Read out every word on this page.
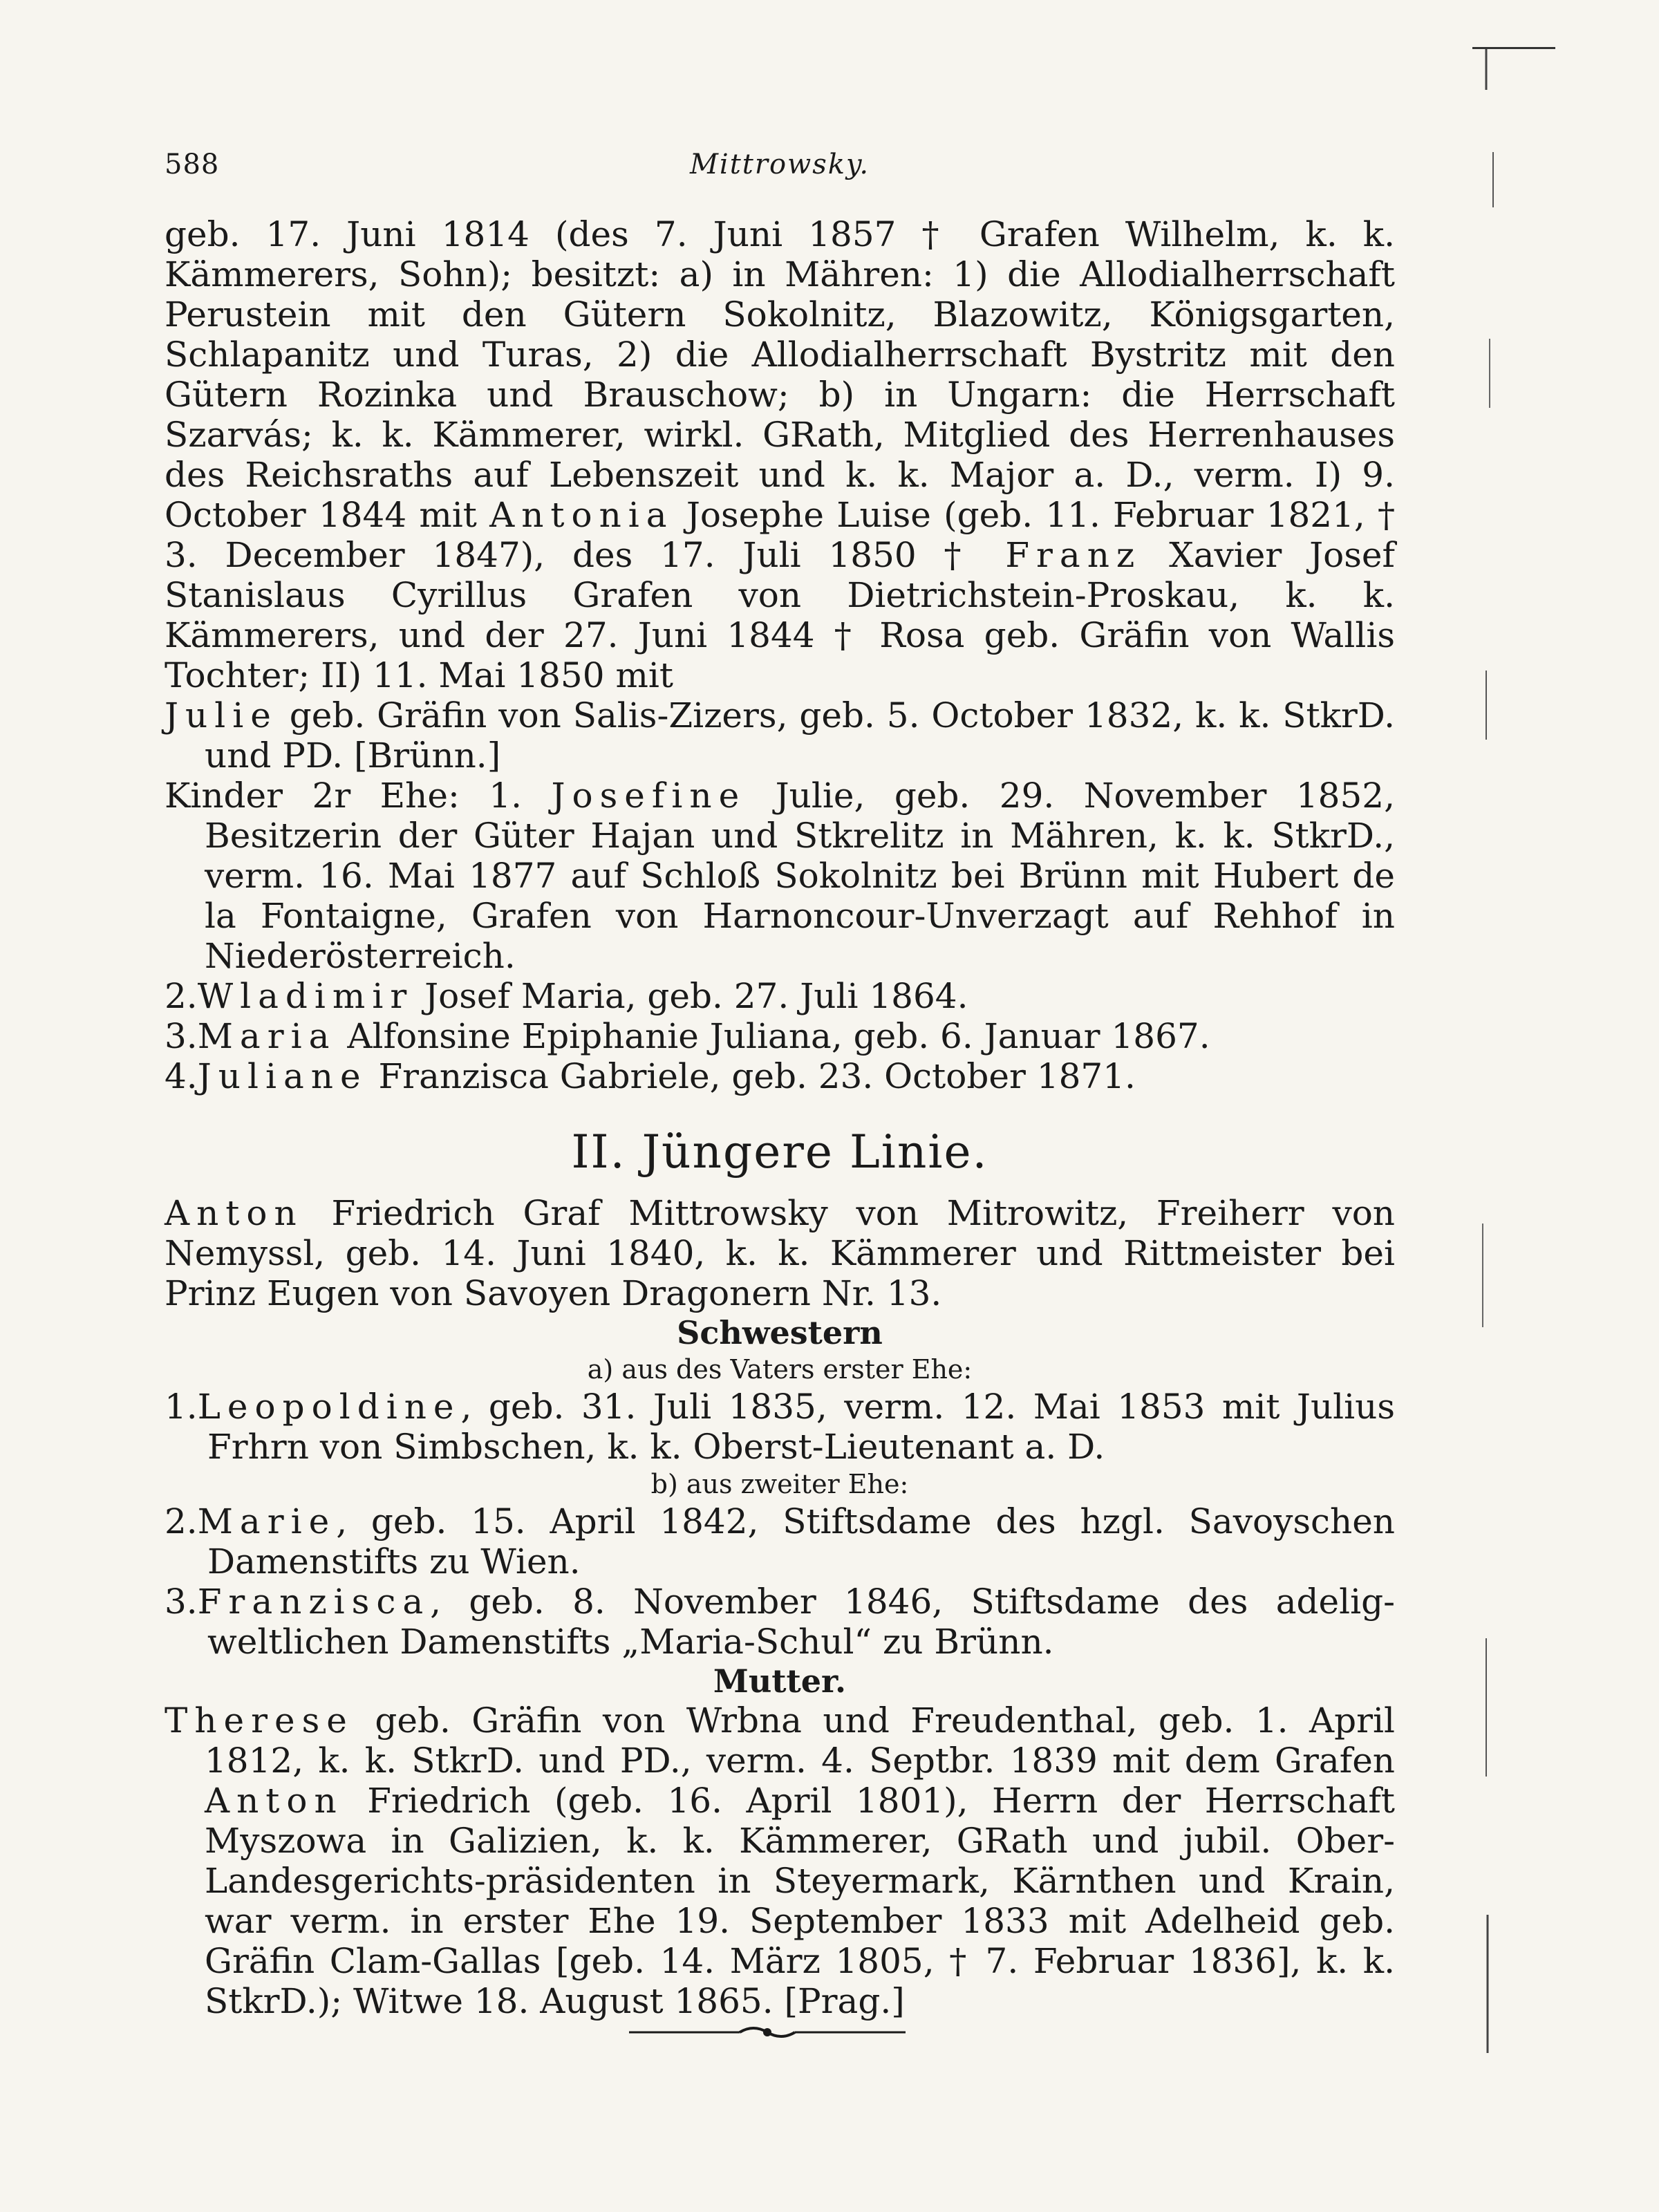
588	Mittrowsky.

geb. 17. Juni 1814 (des 7. Juni 1857 † Grafen Wilhelm, k. k. Kämmerers, Sohn); besitzt: a) in Mähren: 1) die Allodialherrschaft Perustein mit den Gütern Sokolnitz, Blazowitz, Königsgarten, Schlapanitz und Turas, 2) die Allodialherrschaft Bystritz mit den Gütern Rozinka und Brauschow; b) in Ungarn: die Herrschaft Szarvás; k. k. Kämmerer, wirkl. GRath, Mitglied des Herrenhauses des Reichsraths auf Lebenszeit und k. k. Major a. D., verm. I) 9. October 1844 mit Antonia Josephe Luise (geb. 11. Februar 1821, † 3. December 1847), des 17. Juli 1850 † Franz Xavier Josef Stanislaus Cyrillus Grafen von Dietrichstein-Proskau, k. k. Kämmerers, und der 27. Juni 1844 † Rosa geb. Gräfin von Wallis Tochter; II) 11. Mai 1850 mit

Julie geb. Gräfin von Salis-Zizers, geb. 5. October 1832, k. k. StkrD. und PD. [Brünn.]

Kinder 2r Ehe: 1. Josefine Julie, geb. 29. November 1852, Besitzerin der Güter Hajan und Stkrelitz in Mähren, k. k. StkrD., verm. 16. Mai 1877 auf Schloß Sokolnitz bei Brünn mit Hubert de la Fontaigne, Grafen von Harnoncour-Unverzagt auf Rehhof in Niederösterreich.

2.Wladimir Josef Maria, geb. 27. Juli 1864.

3.Maria Alfonsine Epiphanie Juliana, geb. 6. Januar 1867.

4.Juliane Franzisca Gabriele, geb. 23. October 1871.

II. Jüngere Linie.

Anton Friedrich Graf Mittrowsky von Mitrowitz, Freiherr von Nemyssl, geb. 14. Juni 1840, k. k. Kämmerer und Rittmeister bei Prinz Eugen von Savoyen Dragonern Nr. 13.

Schwestern

a) aus des Vaters erster Ehe:

1.Leopoldine, geb. 31. Juli 1835, verm. 12. Mai 1853 mit Julius Frhrn von Simbschen, k. k. Oberst-Lieutenant a. D.

b) aus zweiter Ehe:

2.Marie, geb. 15. April 1842, Stiftsdame des hzgl. Savoyschen Damenstifts zu Wien.

3.Franzisca, geb. 8. November 1846, Stiftsdame des adelig-weltlichen Damenstifts „Maria-Schul“ zu Brünn.

Mutter.

Therese geb. Gräfin von Wrbna und Freudenthal, geb. 1. April 1812, k. k. StkrD. und PD., verm. 4. Septbr. 1839 mit dem Grafen Anton Friedrich (geb. 16. April 1801), Herrn der Herrschaft Myszowa in Galizien, k. k. Kämmerer, GRath und jubil. Ober-Landesgerichts-präsidenten in Steyermark, Kärnthen und Krain, war verm. in erster Ehe 19. September 1833 mit Adelheid geb. Gräfin Clam-Gallas [geb. 14. März 1805, † 7. Februar 1836], k. k. StkrD.); Witwe 18. August 1865. [Prag.]
